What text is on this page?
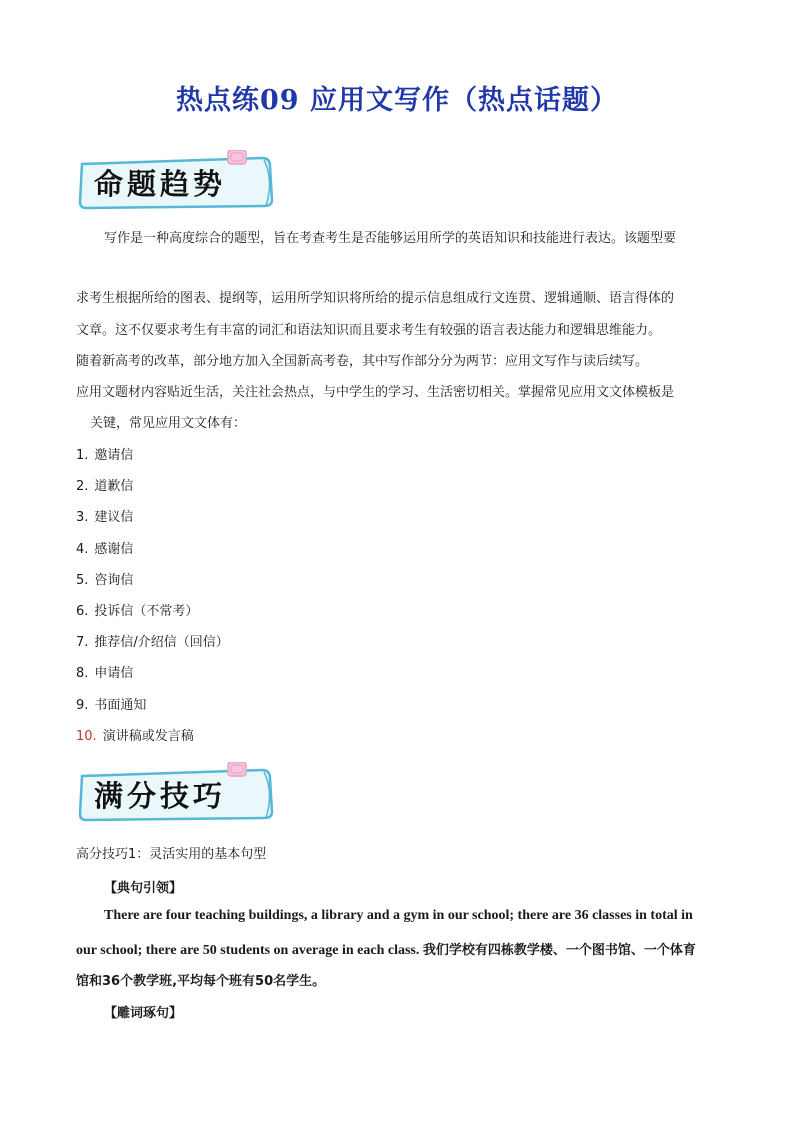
热点练09 应用文写作（热点话题）
命题趋势
写作是一种高度综合的题型，旨在考查考生是否能够运用所学的英语知识和技能进行表达。该题型要
求考生根据所给的图表、提纲等，运用所学知识将所给的提示信息组成行文连贯、逻辑通顺、语言得体的
文章。这不仅要求考生有丰富的词汇和语法知识而且要求考生有较强的语言表达能力和逻辑思维能力。
随着新高考的改革，部分地方加入全国新高考卷，其中写作部分分为两节：应用文写作与读后续写。
应用文题材内容贴近生活，关注社会热点，与中学生的学习、生活密切相关。掌握常见应用文文体模板是
关键，常见应用文文体有：
1. 邀请信
2. 道歉信
3. 建议信
4. 感谢信
5. 咨询信
6. 投诉信（不常考）
7. 推荐信/介绍信（回信）
8. 申请信
9. 书面通知
10. 演讲稿或发言稿
满分技巧
高分技巧1：灵活实用的基本句型
【典句引领】
There are four teaching buildings, a library and a gym in our school; there are 36 classes in total in
our school; there are 50 students on average in each class. 我们学校有四栋教学楼、一个图书馆、一个体育
馆和36个教学班,平均每个班有50名学生。
【雕词琢句】
